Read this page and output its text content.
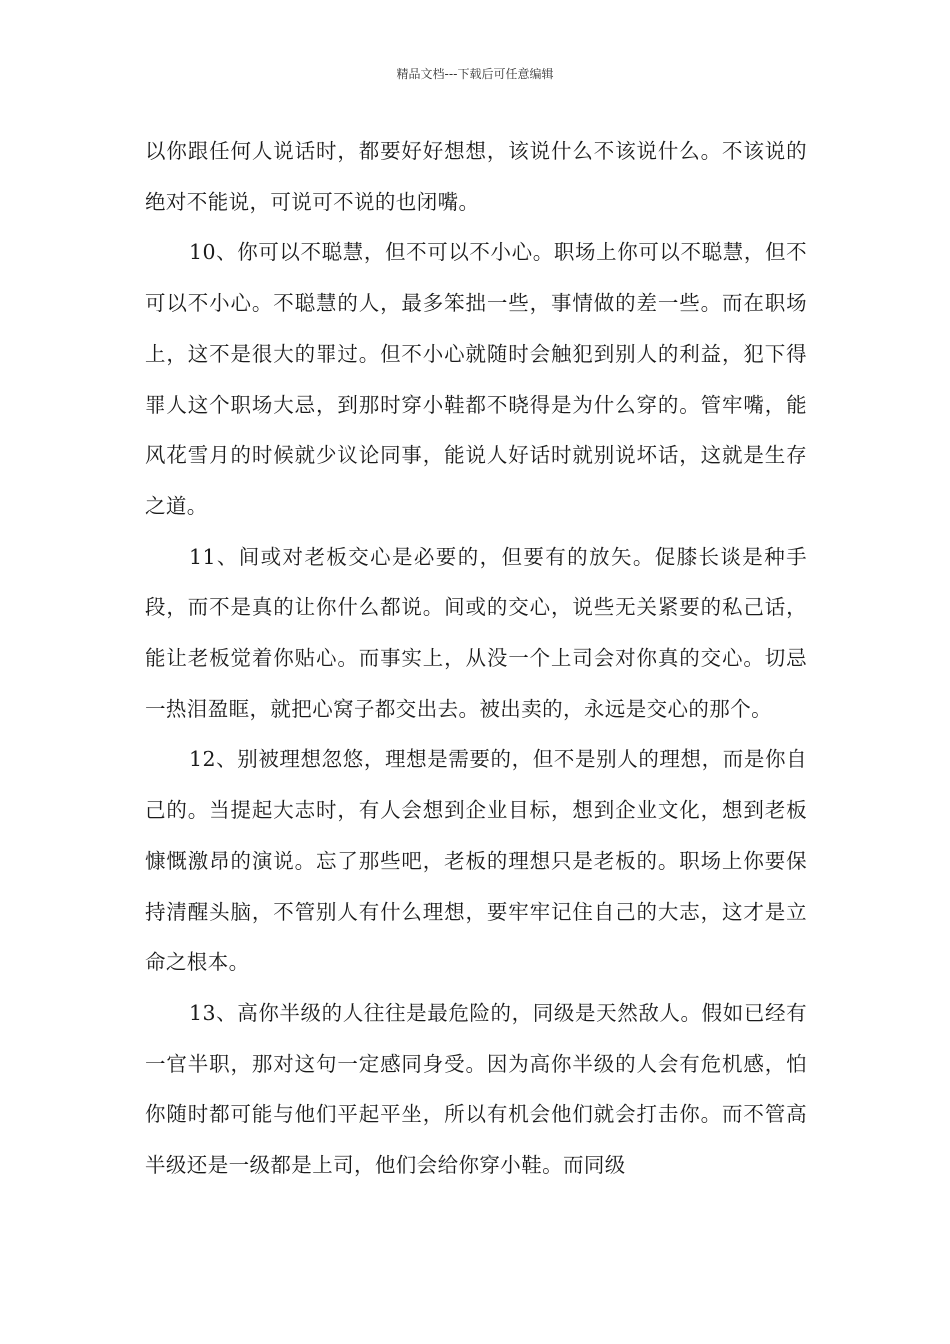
精品文档---下载后可任意编辑

以你跟任何人说话时，都要好好想想，该说什么不该说什么。不该说的绝对不能说，可说可不说的也闭嘴。

10、你可以不聪慧，但不可以不小心。职场上你可以不聪慧，但不可以不小心。不聪慧的人，最多笨拙一些，事情做的差一些。而在职场上，这不是很大的罪过。但不小心就随时会触犯到别人的利益，犯下得罪人这个职场大忌，到那时穿小鞋都不晓得是为什么穿的。管牢嘴，能风花雪月的时候就少议论同事，能说人好话时就别说坏话，这就是生存之道。

11、间或对老板交心是必要的，但要有的放矢。促膝长谈是种手段，而不是真的让你什么都说。间或的交心，说些无关紧要的私己话，能让老板觉着你贴心。而事实上，从没一个上司会对你真的交心。切忌一热泪盈眶，就把心窝子都交出去。被出卖的，永远是交心的那个。

12、别被理想忽悠，理想是需要的，但不是别人的理想，而是你自己的。当提起大志时，有人会想到企业目标，想到企业文化，想到老板慷慨激昂的演说。忘了那些吧，老板的理想只是老板的。职场上你要保持清醒头脑，不管别人有什么理想，要牢牢记住自己的大志，这才是立命之根本。

13、高你半级的人往往是最危险的，同级是天然敌人。假如已经有一官半职，那对这句一定感同身受。因为高你半级的人会有危机感，怕你随时都可能与他们平起平坐，所以有机会他们就会打击你。而不管高半级还是一级都是上司，他们会给你穿小鞋。而同级
